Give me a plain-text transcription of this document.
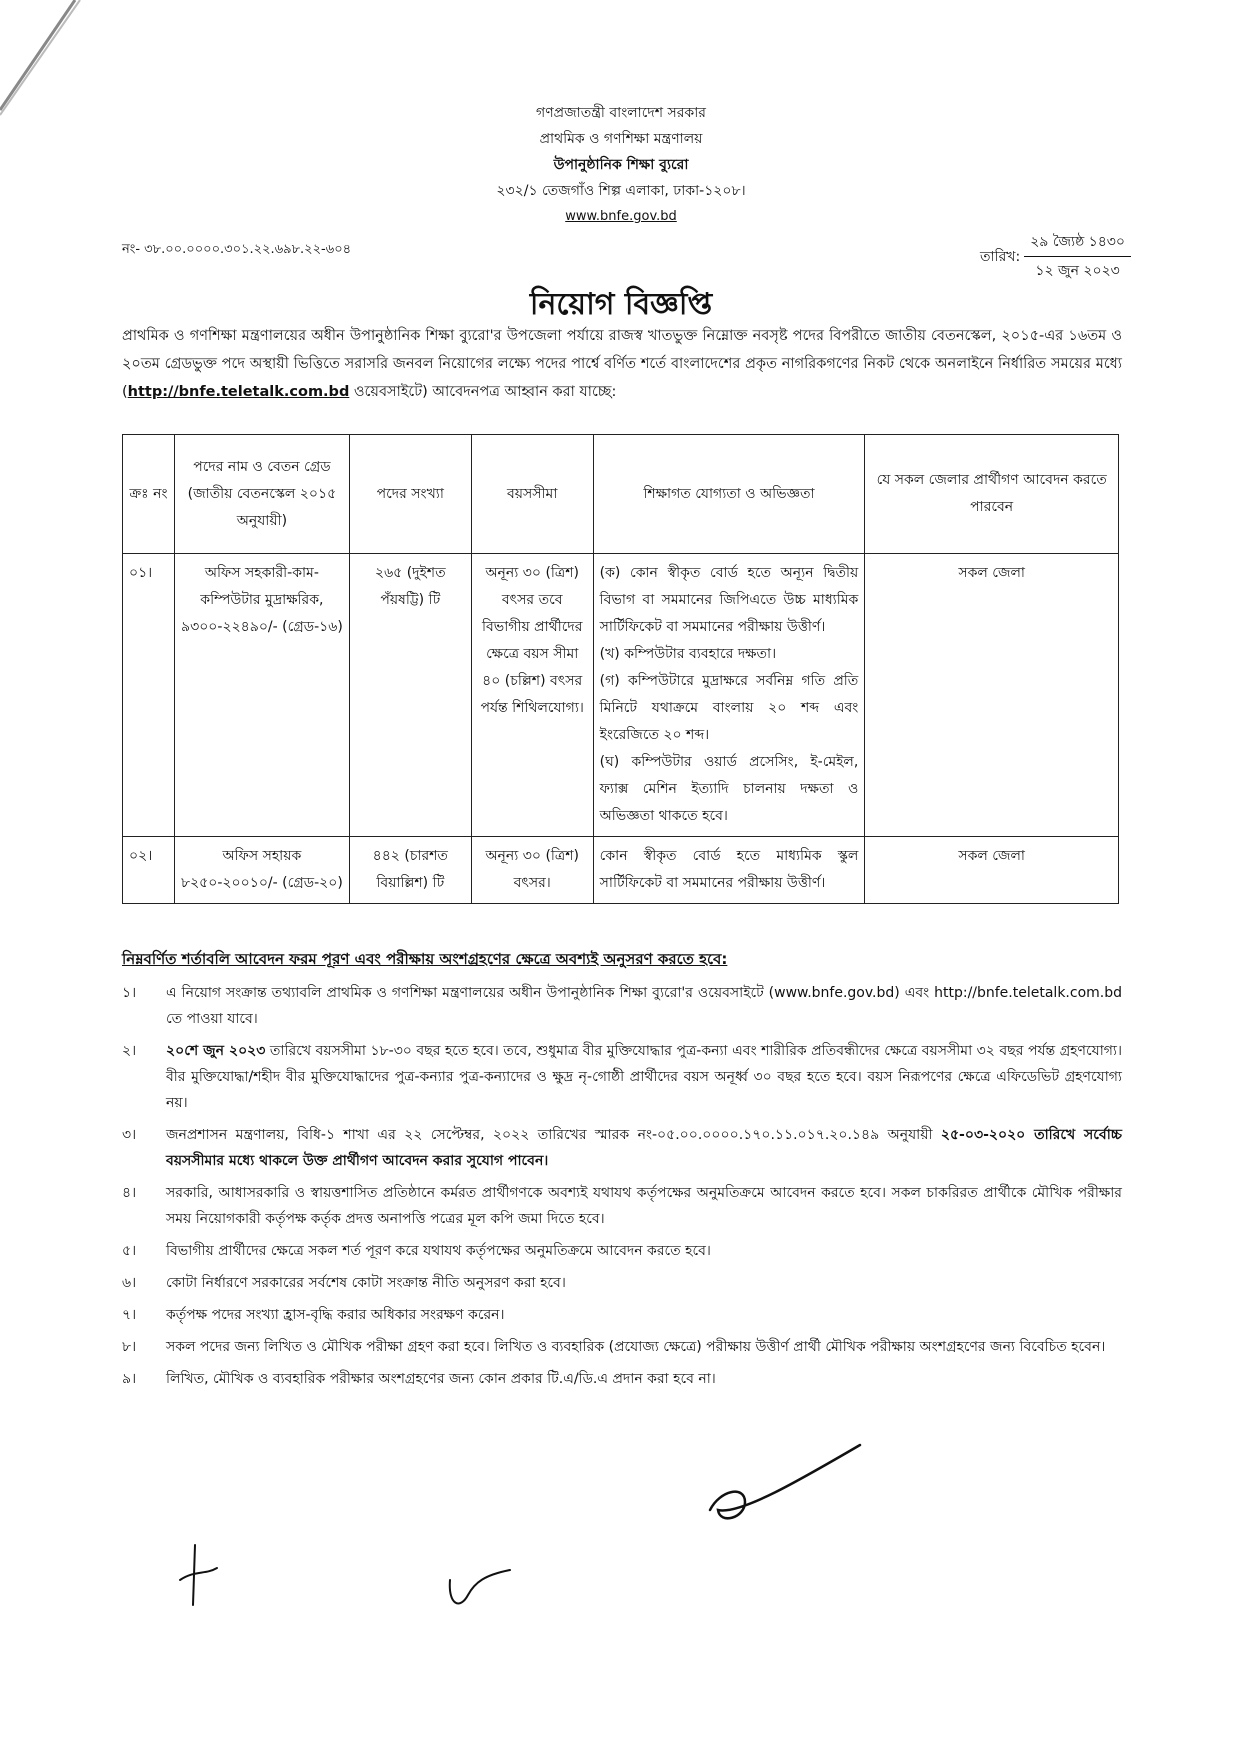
গণপ্রজাতন্ত্রী বাংলাদেশ সরকার
প্রাথমিক ও গণশিক্ষা মন্ত্রণালয়
উপানুষ্ঠানিক শিক্ষা ব্যুরো
২৩২/১ তেজগাঁও শিল্প এলাকা, ঢাকা-১২০৮।
www.bnfe.gov.bd
নং- ৩৮.০০.০০০০.৩০১.২২.৬৯৮.২২-৬০৪	তারিখ: $\frac{\text{২৯ জ্যৈষ্ঠ ১৪৩০}}{\text{১২ জুন ২০২৩}}$
নিয়োগ বিজ্ঞপ্তি
প্রাথমিক ও গণশিক্ষা মন্ত্রণালয়ের অধীন উপানুষ্ঠানিক শিক্ষা ব্যুরো'র উপজেলা পর্যায়ে রাজস্ব খাতভুক্ত নিম্নোক্ত নবসৃষ্ট পদের বিপরীতে জাতীয় বেতনস্কেল, ২০১৫-এর ১৬তম ও ২০তম গ্রেডভুক্ত পদে অস্থায়ী ভিত্তিতে সরাসরি জনবল নিয়োগের লক্ষ্যে পদের পার্শ্বে বর্ণিত শর্তে বাংলাদেশের প্রকৃত নাগরিকগণের নিকট থেকে অনলাইনে নির্ধারিত সময়ের মধ্যে (http://bnfe.teletalk.com.bd ওয়েবসাইটে) আবেদনপত্র আহ্বান করা যাচ্ছে:
ক্রঃ নং	পদের নাম ও বেতন গ্রেড (জাতীয় বেতনস্কেল ২০১৫ অনুযায়ী)	পদের সংখ্যা	বয়সসীমা	শিক্ষাগত যোগ্যতা ও অভিজ্ঞতা	যে সকল জেলার প্রার্থীগণ আবেদন করতে পারবেন
০১।	অফিস সহকারী-কাম-কম্পিউটার মুদ্রাক্ষরিক, ৯৩০০-২২৪৯০/- (গ্রেড-১৬)	২৬৫ (দুইশত পঁয়ষট্টি) টি	অনূন্য ৩০ (ত্রিশ) বৎসর তবে বিভাগীয় প্রার্থীদের ক্ষেত্রে বয়স সীমা ৪০ (চল্লিশ) বৎসর পর্যন্ত শিথিলযোগ্য।	(ক) কোন স্বীকৃত বোর্ড হতে অন্যূন দ্বিতীয় বিভাগ বা সমমানের জিপিএতে উচ্চ মাধ্যমিক সার্টিফিকেট বা সমমানের পরীক্ষায় উত্তীর্ণ।
(খ) কম্পিউটার ব্যবহারে দক্ষতা।
(গ) কম্পিউটারে মুদ্রাক্ষরে সর্বনিম্ন গতি প্রতি মিনিটে যথাক্রমে বাংলায় ২০ শব্দ এবং ইংরেজিতে ২০ শব্দ।
(ঘ) কম্পিউটার ওয়ার্ড প্রসেসিং, ই-মেইল, ফ্যাক্স মেশিন ইত্যাদি চালনায় দক্ষতা ও অভিজ্ঞতা থাকতে হবে।	সকল জেলা
০২।	অফিস সহায়ক ৮২৫০-২০০১০/- (গ্রেড-২০)	৪৪২ (চারশত বিয়াল্লিশ) টি	অনূন্য ৩০ (ত্রিশ) বৎসর।	কোন স্বীকৃত বোর্ড হতে মাধ্যমিক স্কুল সার্টিফিকেট বা সমমানের পরীক্ষায় উত্তীর্ণ।	সকল জেলা
নিম্নবর্ণিত শর্তাবলি আবেদন ফরম পূরণ এবং পরীক্ষায় অংশগ্রহণের ক্ষেত্রে অবশ্যই অনুসরণ করতে হবে:
১।	এ নিয়োগ সংক্রান্ত তথ্যাবলি প্রাথমিক ও গণশিক্ষা মন্ত্রণালয়ের অধীন উপানুষ্ঠানিক শিক্ষা ব্যুরো'র ওয়েবসাইটে (www.bnfe.gov.bd) এবং http://bnfe.teletalk.com.bd তে পাওয়া যাবে।
২।	২০শে জুন ২০২৩ তারিখে বয়সসীমা ১৮-৩০ বছর হতে হবে। তবে, শুধুমাত্র বীর মুক্তিযোদ্ধার পুত্র-কন্যা এবং শারীরিক প্রতিবন্ধীদের ক্ষেত্রে বয়সসীমা ৩২ বছর পর্যন্ত গ্রহণযোগ্য। বীর মুক্তিযোদ্ধা/শহীদ বীর মুক্তিযোদ্ধাদের পুত্র-কন্যার পুত্র-কন্যাদের ও ক্ষুদ্র নৃ-গোষ্ঠী প্রার্থীদের বয়স অনূর্ধ্ব ৩০ বছর হতে হবে। বয়স নিরূপণের ক্ষেত্রে এফিডেভিট গ্রহণযোগ্য নয়।
৩।	জনপ্রশাসন মন্ত্রণালয়, বিধি-১ শাখা এর ২২ সেপ্টেম্বর, ২০২২ তারিখের স্মারক নং-০৫.০০.০০০০.১৭০.১১.০১৭.২০.১৪৯ অনুযায়ী ২৫-০৩-২০২০ তারিখে সর্বোচ্চ বয়সসীমার মধ্যে থাকলে উক্ত প্রার্থীগণ আবেদন করার সুযোগ পাবেন।
৪।	সরকারি, আধাসরকারি ও স্বায়ত্তশাসিত প্রতিষ্ঠানে কর্মরত প্রার্থীগণকে অবশ্যই যথাযথ কর্তৃপক্ষের অনুমতিক্রমে আবেদন করতে হবে। সকল চাকরিরত প্রার্থীকে মৌখিক পরীক্ষার সময় নিয়োগকারী কর্তৃপক্ষ কর্তৃক প্রদত্ত অনাপত্তি পত্রের মূল কপি জমা দিতে হবে।
৫।	বিভাগীয় প্রার্থীদের ক্ষেত্রে সকল শর্ত পূরণ করে যথাযথ কর্তৃপক্ষের অনুমতিক্রমে আবেদন করতে হবে।
৬।	কোটা নির্ধারণে সরকারের সর্বশেষ কোটা সংক্রান্ত নীতি অনুসরণ করা হবে।
৭।	কর্তৃপক্ষ পদের সংখ্যা হ্রাস-বৃদ্ধি করার অধিকার সংরক্ষণ করেন।
৮।	সকল পদের জন্য লিখিত ও মৌখিক পরীক্ষা গ্রহণ করা হবে। লিখিত ও ব্যবহারিক (প্রযোজ্য ক্ষেত্রে) পরীক্ষায় উত্তীর্ণ প্রার্থী মৌখিক পরীক্ষায় অংশগ্রহণের জন্য বিবেচিত হবেন।
৯।	লিখিত, মৌখিক ও ব্যবহারিক পরীক্ষার অংশগ্রহণের জন্য কোন প্রকার টি.এ/ডি.এ প্রদান করা হবে না।
